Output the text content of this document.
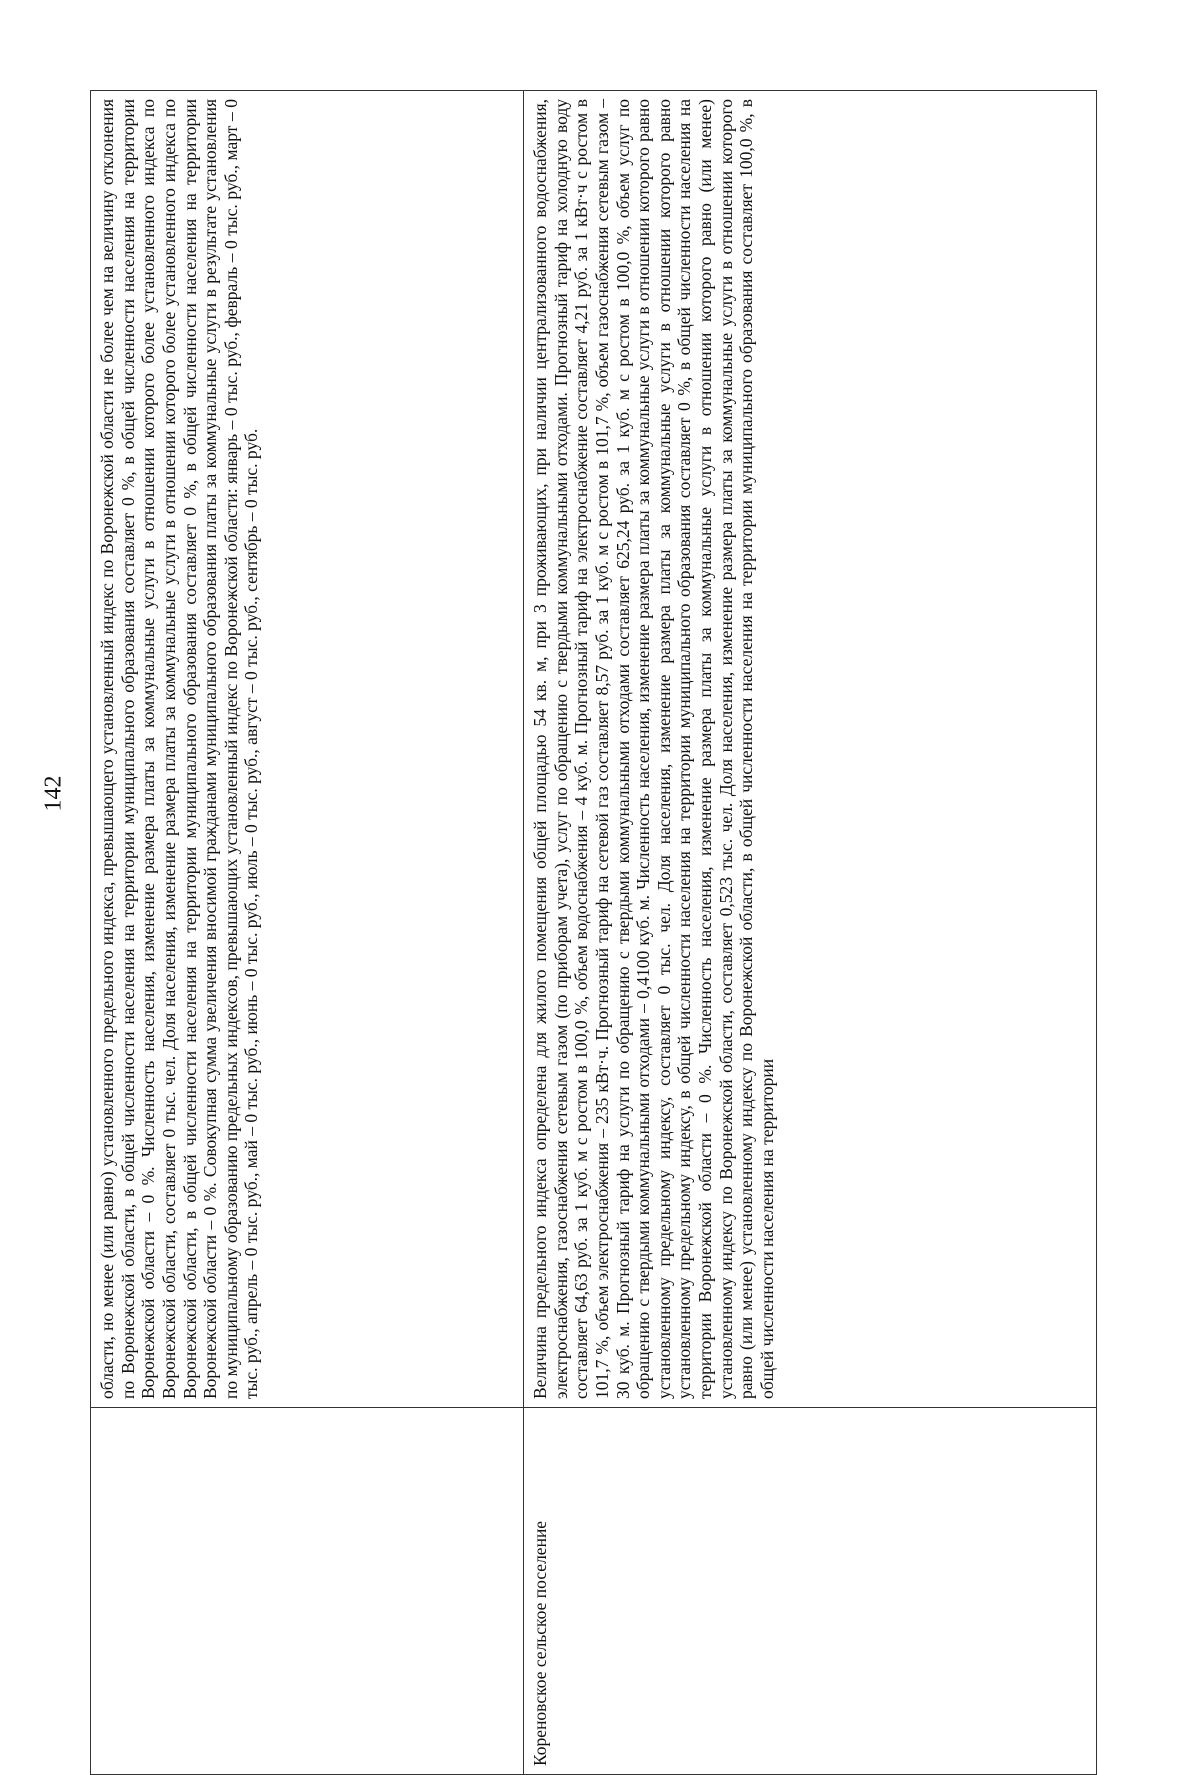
142
	области, но менее (или равно) установленного предельного индекса, превышающего установленный индекс по Воронежской области не более чем на величину отклонения по Воронежской области, в общей численности населения на территории муниципального образования составляет 0 %, в общей численности населения на территории Воронежской области – 0 %. Численность населения, изменение размера платы за коммунальные услуги в отношении которого более установленного индекса по Воронежской области, составляет 0 тыс. чел. Доля населения, изменение размера платы за коммунальные услуги в отношении которого более установленного индекса по Воронежской области, в общей численности населения на территории муниципального образования составляет 0 %, в общей численности населения на территории Воронежской области – 0 %. Совокупная сумма увеличения вносимой гражданами муниципального образования платы за коммунальные услуги в результате установления по муниципальному образованию предельных индексов, превышающих установленный индекс по Воронежской области: январь – 0 тыс. руб., февраль – 0 тыс. руб., март – 0 тыс. руб., апрель – 0 тыс. руб., май – 0 тыс. руб., июнь – 0 тыс. руб., июль – 0 тыс. руб., август – 0 тыс. руб., сентябрь – 0 тыс. руб.
Кореновское сельское поселение	Величина предельного индекса определена для жилого помещения общей площадью 54 кв. м, при 3 проживающих, при наличии централизованного водоснабжения, электроснабжения, газоснабжения сетевым газом (по приборам учета), услуг по обращению с твердыми коммунальными отходами. Прогнозный тариф на холодную воду составляет 64,63 руб. за 1 куб. м с ростом в 100,0 %, объем водоснабжения – 4 куб. м. Прогнозный тариф на электроснабжение составляет 4,21 руб. за 1 кВт·ч с ростом в 101,7 %, объем электроснабжения – 235 кВт·ч. Прогнозный тариф на сетевой газ составляет 8,57 руб. за 1 куб. м с ростом в 101,7 %, объем газоснабжения сетевым газом – 30 куб. м. Прогнозный тариф на услуги по обращению с твердыми коммунальными отходами составляет 625,24 руб. за 1 куб. м с ростом в 100,0 %, объем услуг по обращению с твердыми коммунальными отходами – 0,4100 куб. м. Численность населения, изменение размера платы за коммунальные услуги в отношении которого равно установленному предельному индексу, составляет 0 тыс. чел. Доля населения, изменение размера платы за коммунальные услуги в отношении которого равно установленному предельному индексу, в общей численности населения на территории муниципального образования составляет 0 %, в общей численности населения на территории Воронежской области – 0 %. Численность населения, изменение размера платы за коммунальные услуги в отношении которого равно (или менее) установленному индексу по Воронежской области, составляет 0,523 тыс. чел. Доля населения, изменение размера платы за коммунальные услуги в отношении которого равно (или менее) установленному индексу по Воронежской области, в общей численности населения на территории муниципального образования составляет 100,0 %, в общей численности населения на территории
